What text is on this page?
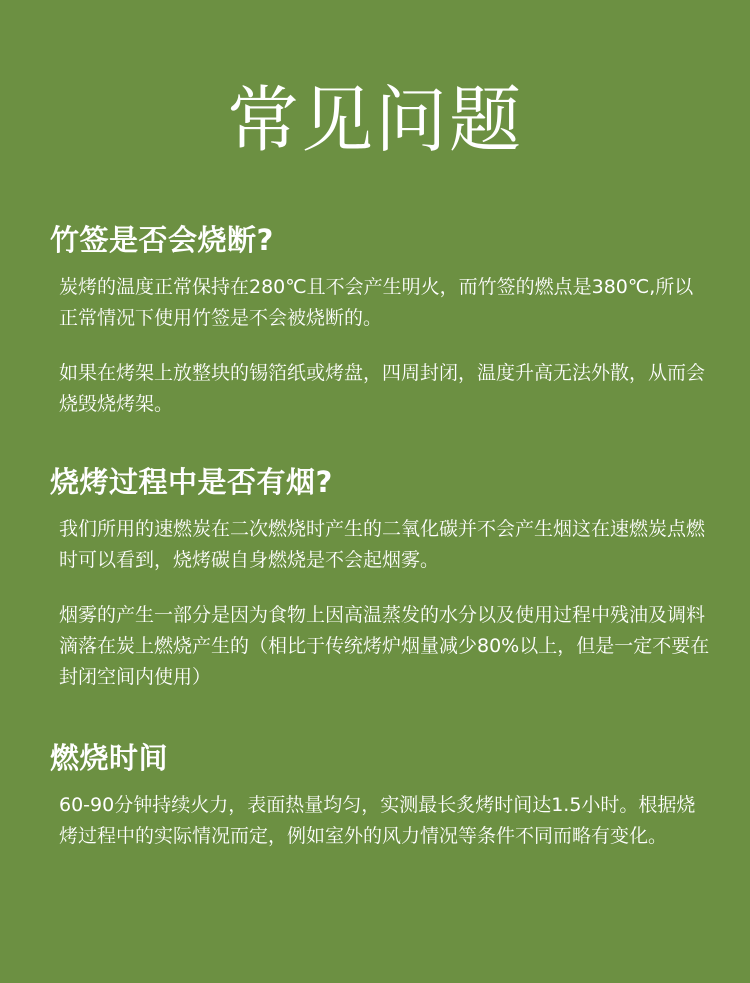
常见问题
竹签是否会烧断?

炭烤的温度正常保持在280℃且不会产生明火，而竹签的燃点是380℃,所以正常情况下使用竹签是不会被烧断的。

如果在烤架上放整块的锡箔纸或烤盘，四周封闭，温度升高无法外散，从而会烧毁烧烤架。

烧烤过程中是否有烟?

我们所用的速燃炭在二次燃烧时产生的二氧化碳并不会产生烟这在速燃炭点燃时可以看到，烧烤碳自身燃烧是不会起烟雾。

烟雾的产生一部分是因为食物上因高温蒸发的水分以及使用过程中残油及调料滴落在炭上燃烧产生的（相比于传统烤炉烟量减少80%以上，但是一定不要在封闭空间内使用）

燃烧时间

60-90分钟持续火力，表面热量均匀，实测最长炙烤时间达1.5小时。根据烧烤过程中的实际情况而定，例如室外的风力情况等条件不同而略有变化。
